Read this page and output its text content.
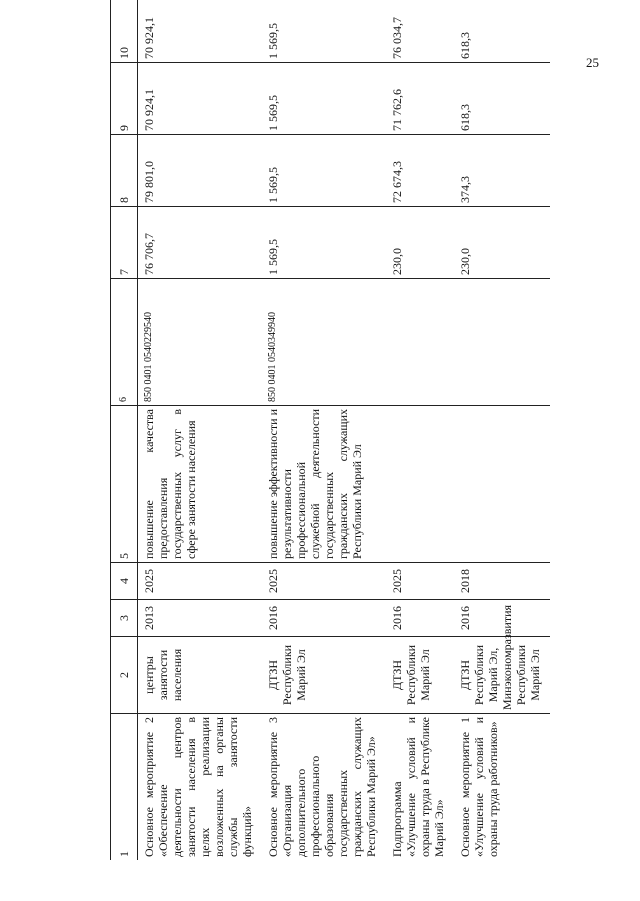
25
1	2	3	4	5	6	7	8	9	10
Основное мероприятие 2 «Обеспечение деятельности центров занятости населения в целях реализации возложенных на органы службы занятости функций»	центры занятости населения	2013	2025	повышение качества предоставления государственных услуг в сфере занятости населения	850 0401 0540229540	76 706,7	79 801,0	70 924,1	70 924,1
Основное мероприятие 3 «Организация дополнительного профессионального образования государственных гражданских служащих Республики Марий Эл»	ДТЗН Республики Марий Эл	2016	2025	повышение эффективности и результативности профессиональной служебной деятельности государственных гражданских служащих Республики Марий Эл	850 0401 0540349940	1 569,5	1 569,5	1 569,5	1 569,5
Подпрограмма «Улучшение условий и охраны труда в Республике Марий Эл»	ДТЗН Республики Марий Эл	2016	2025			230,0	72 674,3	71 762,6	76 034,7
Основное мероприятие 1 «Улучшение условий и охраны труда работников»	ДТЗН Республики Марий Эл, Минэкономразвития Республики Марий Эл	2016	2018			230,0	374,3	618,3	618,3
